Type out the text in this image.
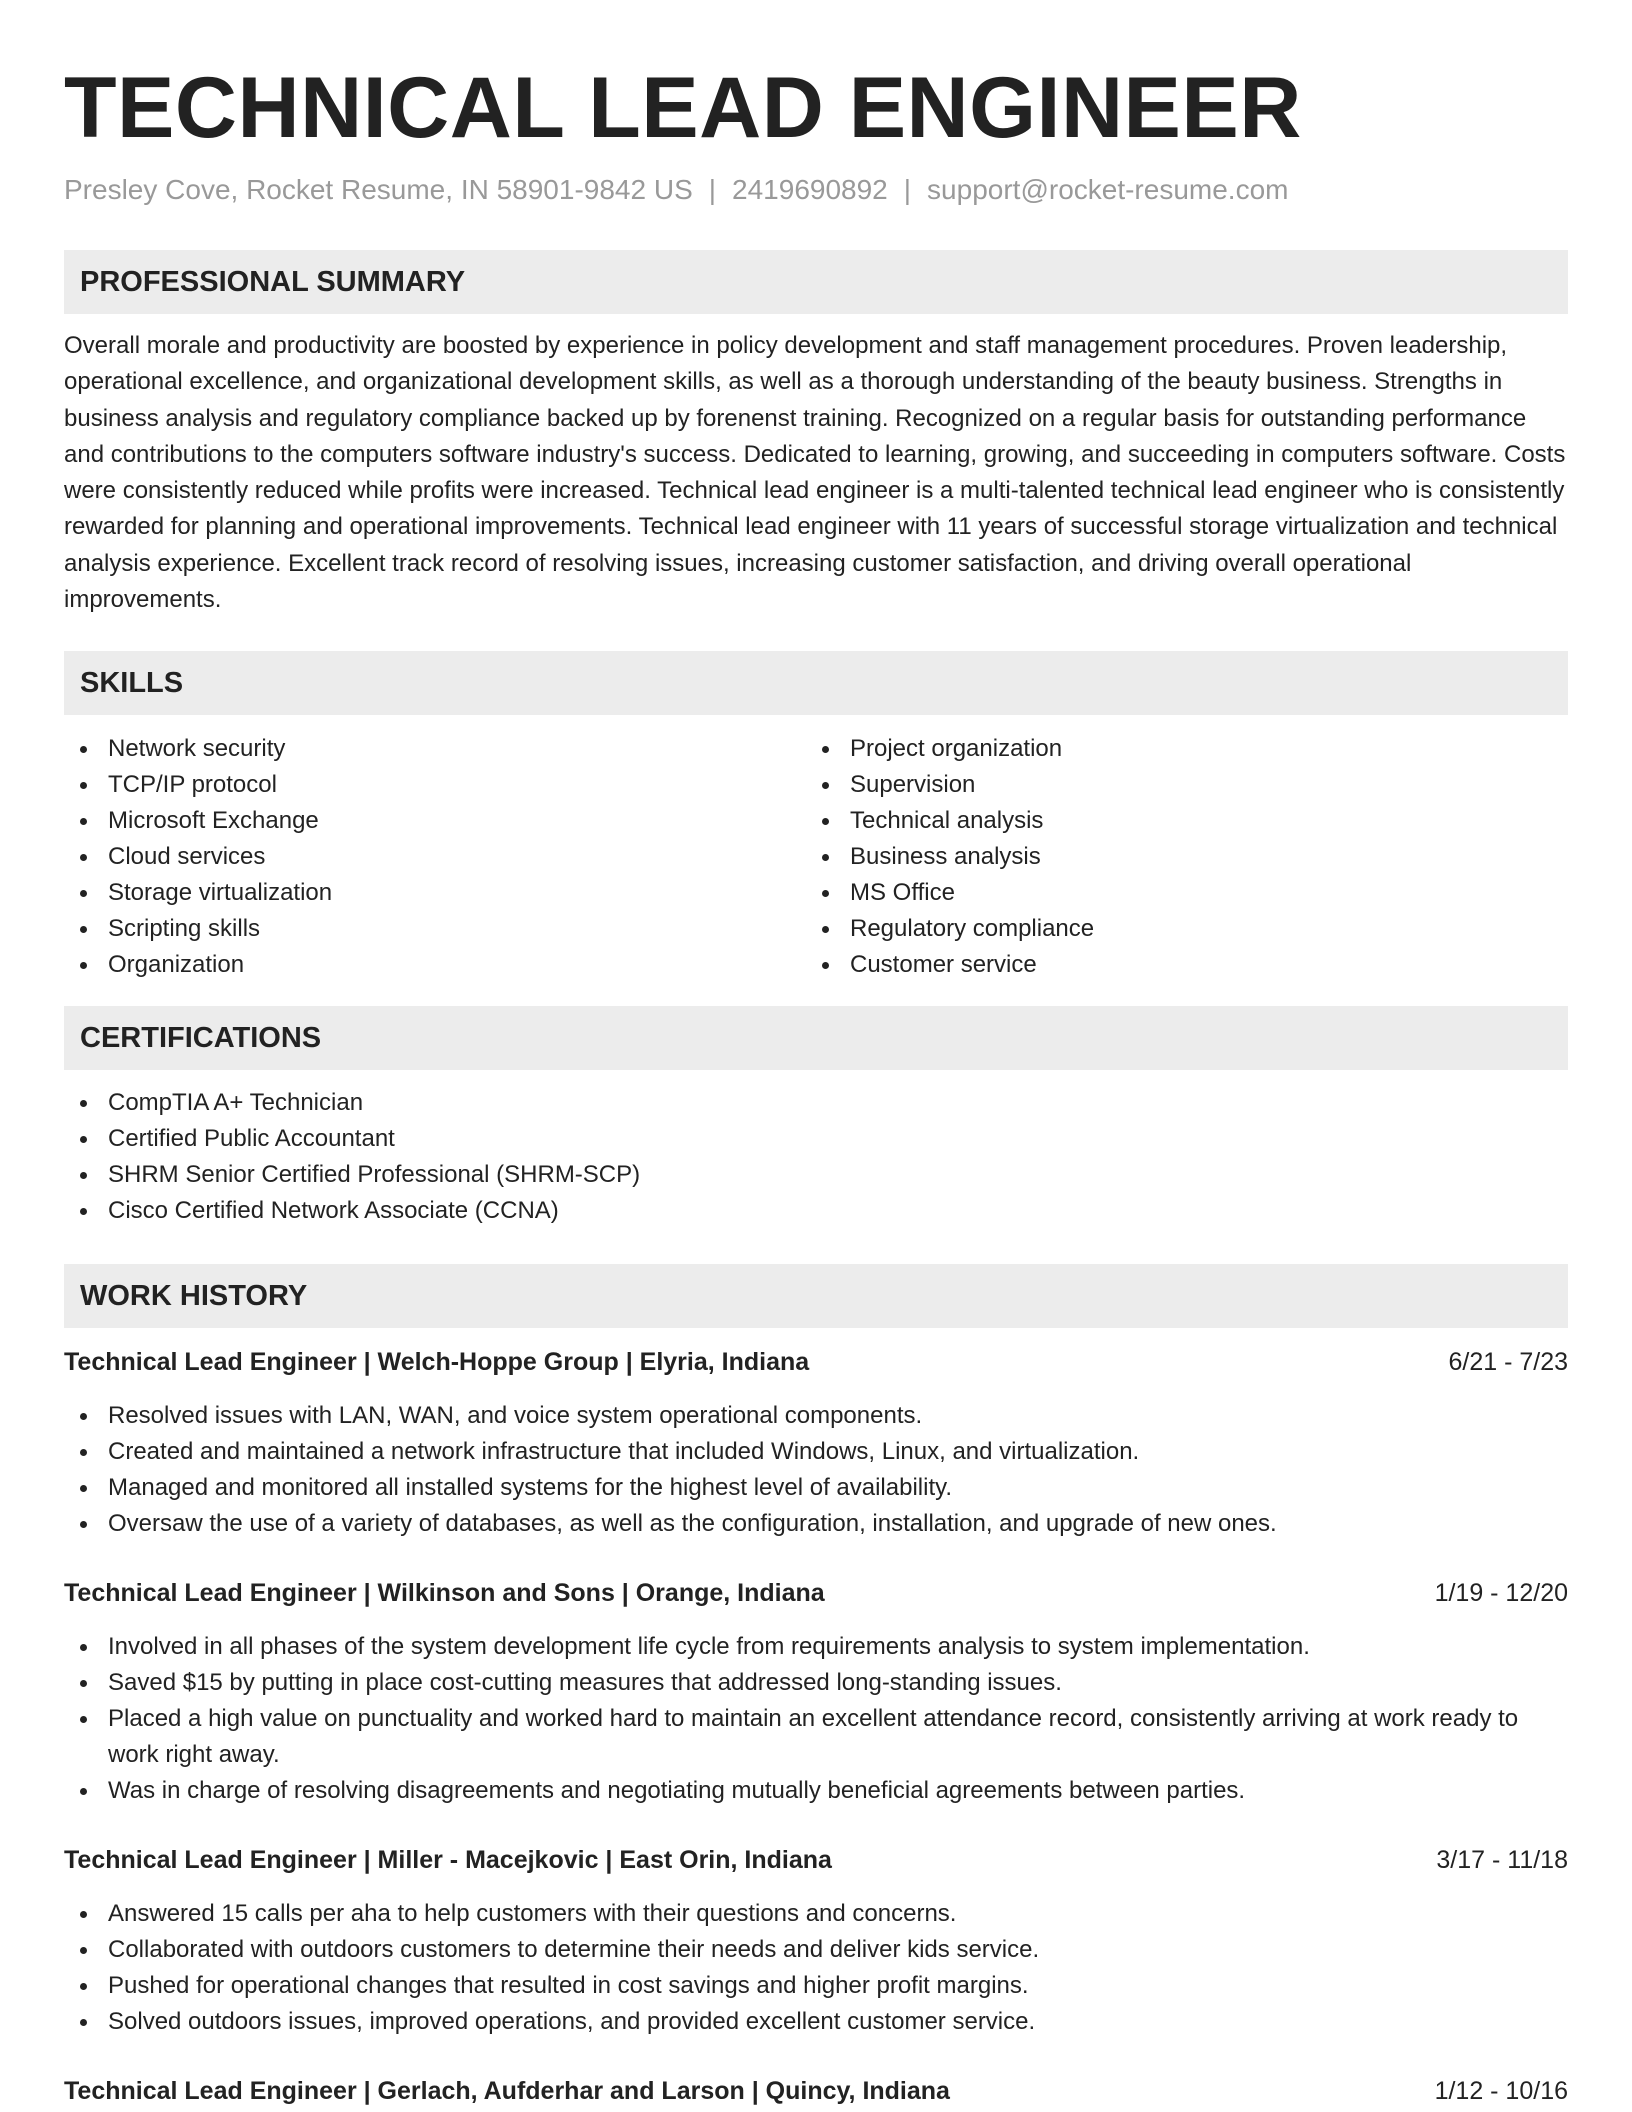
TECHNICAL LEAD ENGINEER
Presley Cove, Rocket Resume, IN 58901-9842 US | 2419690892 | support@rocket-resume.com
PROFESSIONAL SUMMARY

Overall morale and productivity are boosted by experience in policy development and staff management procedures. Proven leadership, operational excellence, and organizational development skills, as well as a thorough understanding of the beauty business. Strengths in business analysis and regulatory compliance backed up by forenenst training. Recognized on a regular basis for outstanding performance and contributions to the computers software industry's success. Dedicated to learning, growing, and succeeding in computers software. Costs were consistently reduced while profits were increased. Technical lead engineer is a multi-talented technical lead engineer who is consistently rewarded for planning and operational improvements. Technical lead engineer with 11 years of successful storage virtualization and technical analysis experience. Excellent track record of resolving issues, increasing customer satisfaction, and driving overall operational improvements.

SKILLS
Network security
TCP/IP protocol
Microsoft Exchange
Cloud services
Storage virtualization
Scripting skills
Organization
Project organization
Supervision
Technical analysis
Business analysis
MS Office
Regulatory compliance
Customer service
CERTIFICATIONS
CompTIA A+ Technician
Certified Public Accountant
SHRM Senior Certified Professional (SHRM-SCP)
Cisco Certified Network Associate (CCNA)
WORK HISTORY
Technical Lead Engineer | Welch-Hoppe Group | Elyria, Indiana	6/21 - 7/23
Resolved issues with LAN, WAN, and voice system operational components.
Created and maintained a network infrastructure that included Windows, Linux, and virtualization.
Managed and monitored all installed systems for the highest level of availability.
Oversaw the use of a variety of databases, as well as the configuration, installation, and upgrade of new ones.
Technical Lead Engineer | Wilkinson and Sons | Orange, Indiana	1/19 - 12/20
Involved in all phases of the system development life cycle from requirements analysis to system implementation.
Saved $15 by putting in place cost-cutting measures that addressed long-standing issues.
Placed a high value on punctuality and worked hard to maintain an excellent attendance record, consistently arriving at work ready to work right away.
Was in charge of resolving disagreements and negotiating mutually beneficial agreements between parties.
Technical Lead Engineer | Miller - Macejkovic | East Orin, Indiana	3/17 - 11/18
Answered 15 calls per aha to help customers with their questions and concerns.
Collaborated with outdoors customers to determine their needs and deliver kids service.
Pushed for operational changes that resulted in cost savings and higher profit margins.
Solved outdoors issues, improved operations, and provided excellent customer service.
Technical Lead Engineer | Gerlach, Aufderhar and Larson | Quincy, Indiana	1/12 - 10/16
